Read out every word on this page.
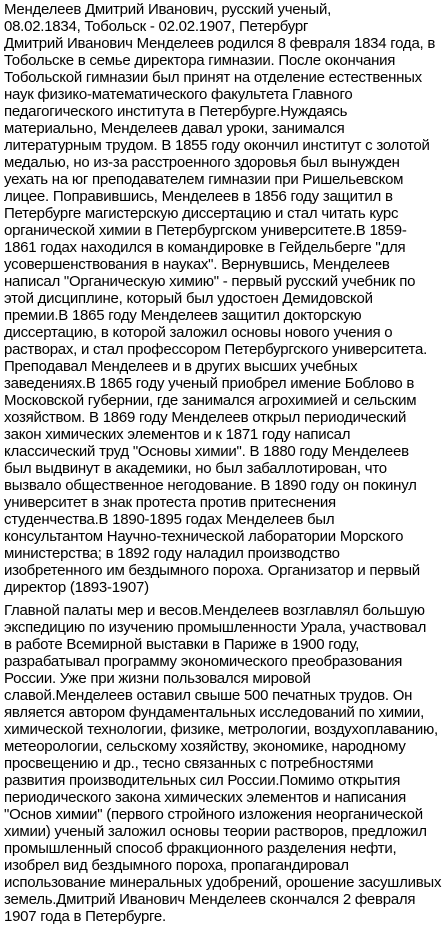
Менделеев Дмитрий Иванович, русский ученый,
08.02.1834, Тобольск - 02.02.1907, Петербург
Дмитрий Иванович Менделеев родился 8 февраля 1834 года, в
Тобольске в семье директора гимназии. После окончания
Тобольской гимназии был принят на отделение естественных
наук физико-математического факультета Главного
педагогического института в Петербурге.Нуждаясь
материально, Менделеев давал уроки, занимался
литературным трудом. В 1855 году окончил институт с золотой
медалью, но из-за расстроенного здоровья был вынужден
уехать на юг преподавателем гимназии при Ришельевском
лицее. Поправившись, Менделеев в 1856 году защитил в
Петербурге магистерскую диссертацию и стал читать курс
органической химии в Петербургском университете.В 1859-
1861 годах находился в командировке в Гейдельберге "для
усовершенствования в науках". Вернувшись, Менделеев
написал "Органическую химию" - первый русский учебник по
этой дисциплине, который был удостоен Демидовской
премии.В 1865 году Менделеев защитил докторскую
диссертацию, в которой заложил основы нового учения о
растворах, и стал профессором Петербургского университета.
Преподавал Менделеев и в других высших учебных
заведениях.В 1865 году ученый приобрел имение Боблово в
Московской губернии, где занимался агрохимией и сельским
хозяйством. В 1869 году Менделеев открыл периодический
закон химических элементов и к 1871 году написал
классический труд "Основы химии". В 1880 году Менделеев
был выдвинут в академики, но был забаллотирован, что
вызвало общественное негодование. В 1890 году он покинул
университет в знак протеста против притеснения
студенчества.В 1890-1895 годах Менделеев был
консультантом Научно-технической лаборатории Морского
министерства; в 1892 году наладил производство
изобретенного им бездымного пороха. Организатор и первый
директор (1893-1907)
Главной палаты мер и весов.Менделеев возглавлял большую
экспедицию по изучению промышленности Урала, участвовал
в работе Всемирной выставки в Париже в 1900 году,
разрабатывал программу экономического преобразования
России. Уже при жизни пользовался мировой
славой.Менделеев оставил свыше 500 печатных трудов. Он
является автором фундаментальных исследований по химии,
химической технологии, физике, метрологии, воздухоплаванию,
метеорологии, сельскому хозяйству, экономике, народному
просвещению и др., тесно связанных с потребностями
развития производительных сил России.Помимо открытия
периодического закона химических элементов и написания
"Основ химии" (первого стройного изложения неорганической
химии) ученый заложил основы теории растворов, предложил
промышленный способ фракционного разделения нефти,
изобрел вид бездымного пороха, пропагандировал
использование минеральных удобрений, орошение засушливых
земель.Дмитрий Иванович Менделеев скончался 2 февраля
1907 года в Петербурге.
